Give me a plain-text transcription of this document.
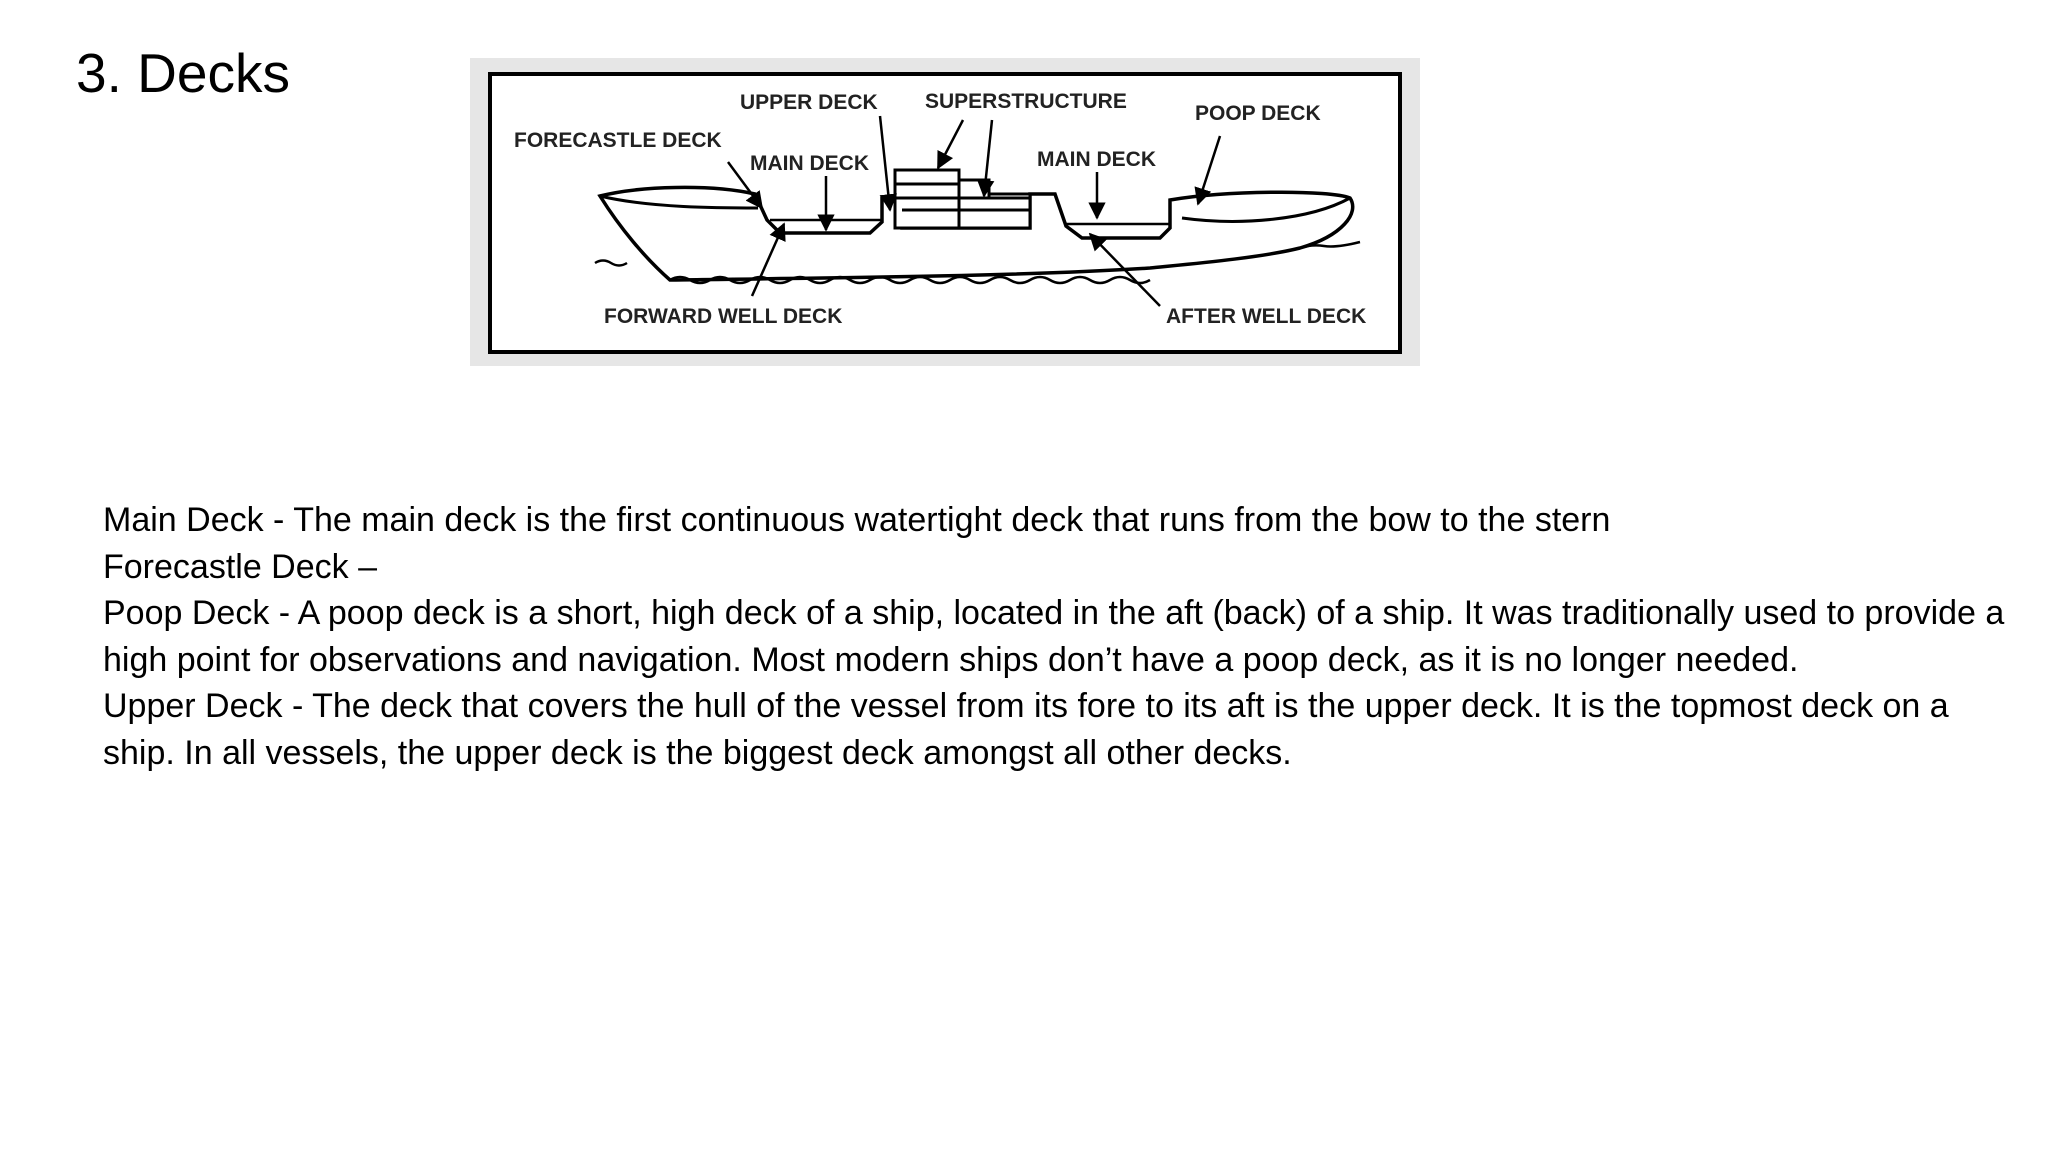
3. Decks	UPPER DECK SUPERSTRUCTURE
POOP DECK
FORECASTLE DECK
MAIN DECK	MAIN DECK
FORWARD WELL DECK	AFTER WELL DECK

Main Deck - The main deck is the first continuous watertight deck that runs from the bow to the stern

Forecastle Deck –

Poop Deck - A poop deck is a short, high deck of a ship, located in the aft (back) of a ship. It was traditionally used to provide a high point for observations and navigation. Most modern ships don’t have a poop deck, as it is no longer needed.

Upper Deck - The deck that covers the hull of the vessel from its fore to its aft is the upper deck. It is the topmost deck on a ship. In all vessels, the upper deck is the biggest deck amongst all other decks.
